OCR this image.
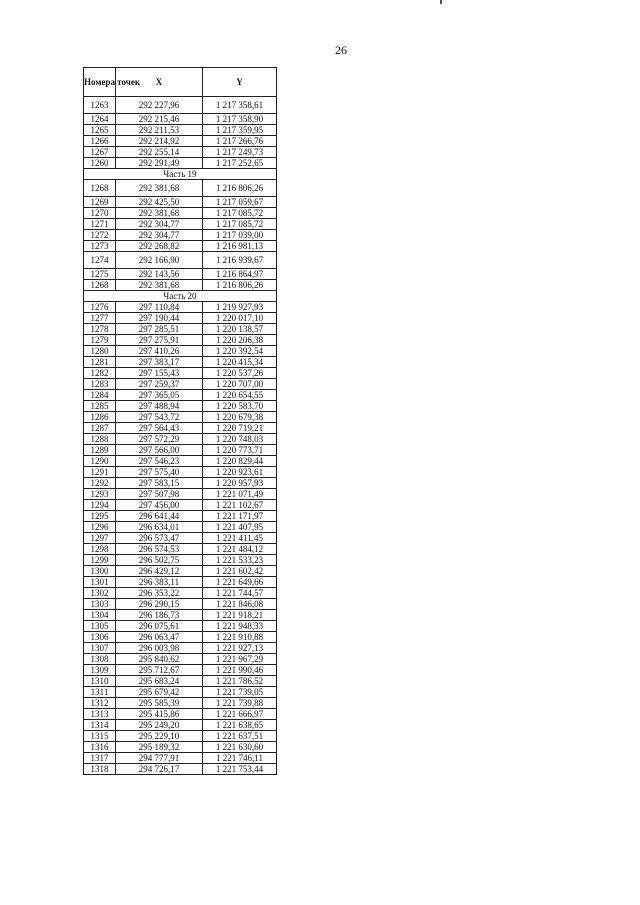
26
Номера точек	X	Y
1263	292 227,96	1 217 358,61
1264	292 215,46	1 217 358,90
1265	292 211,53	1 217 359,95
1266	292 214,92	1 217 266,76
1267	292 255,14	1 217 249,73
1260	292 291,49	1 217 252,65
Часть 19		
1268	292 381,68	1 216 806,26
1269	292 425,50	1 217 059,67
1270	292 381,68	1 217 085,72
1271	292 304,77	1 217 085,72
1272	292 304,77	1 217 039,00
1273	292 268,82	1 216 981,13
1274	292 166,90	1 216 939,67
1275	292 143,56	1 216 864,97
1268	292 381,68	1 216 806,26
Часть 20		
1276	297 110,84	1 219 927,93
1277	297 190,44	1 220 017,10
1278	297 285,51	1 220 138,57
1279	297 275,91	1 220 206,38
1280	297 410,26	1 220 392,54
1281	297 383,17	1 220 415,34
1282	297 155,43	1 220 537,26
1283	297 259,37	1 220 707,00
1284	297 365,05	1 220 654,55
1285	297 488,94	1 220 583,70
1286	297 543,72	1 220 679,38
1287	297 564,43	1 220 719,21
1288	297 572,29	1 220 748,03
1289	297 566,00	1 220 773,71
1290	297 546,23	1 220 829,44
1291	297 575,40	1 220 923,61
1292	297 583,15	1 220 957,93
1293	297 507,98	1 221 071,49
1294	297 456,00	1 221 102,67
1295	296 641,44	1 221 171,97
1296	296 634,01	1 221 407,95
1297	296 573,47	1 221 411,45
1298	296 574,53	1 221 484,12
1299	296 502,75	1 221 533,23
1300	296 429,12	1 221 602,42
1301	296 383,11	1 221 649,66
1302	296 353,22	1 221 744,57
1303	296 290,15	1 221 846,08
1304	296 186,73	1 221 918,21
1305	296 075,61	1 221 948,33
1306	296 063,47	1 221 910,88
1307	296 003,98	1 221 927,13
1308	295 840,62	1 221 967,29
1309	295 712,67	1 221 990,46
1310	295 683,24	1 221 786,52
1311	295 679,42	1 221 739,05
1312	295 585,39	1 221 739,88
1313	295 415,86	1 221 666,97
1314	295 249,20	1 221 638,65
1315	295 229,10	1 221 637,51
1316	295 189,32	1 221 630,60
1317	294 777,91	1 221 746,11
1318	294 726,17	1 221 753,44
